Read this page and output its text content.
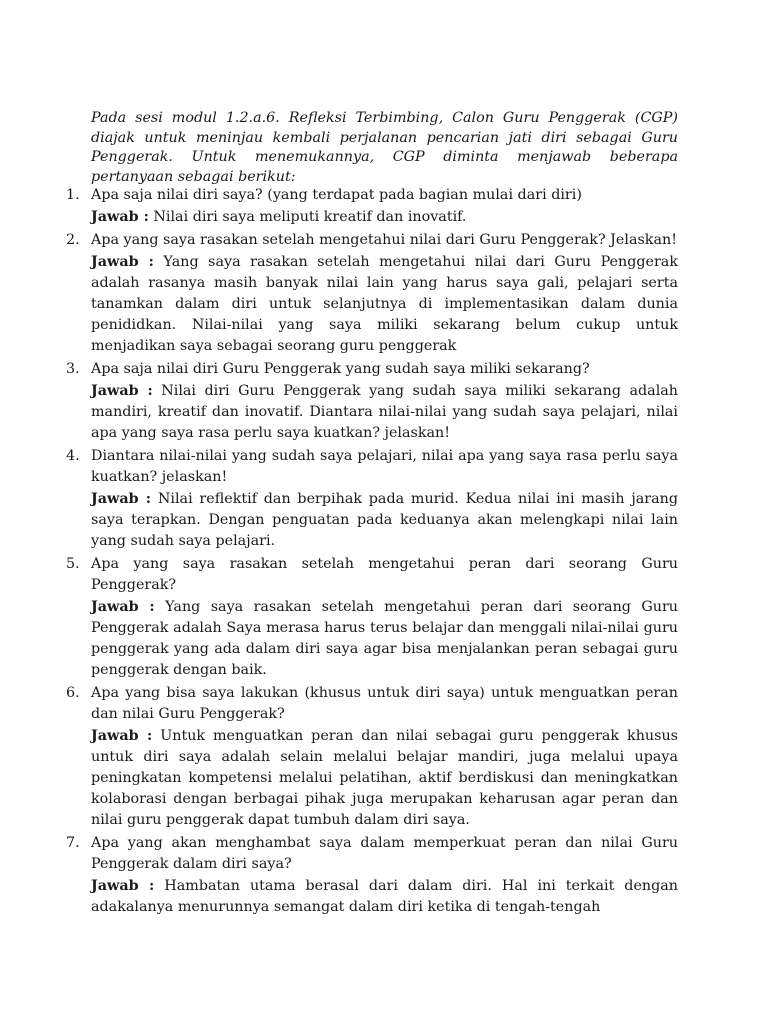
Pada sesi modul 1.2.a.6. Refleksi Terbimbing, Calon Guru Penggerak (CGP) diajak untuk meninjau kembali perjalanan pencarian jati diri sebagai Guru Penggerak. Untuk menemukannya, CGP diminta menjawab beberapa pertanyaan sebagai berikut:

1. Apa saja nilai diri saya? (yang terdapat pada bagian mulai dari diri)
Jawab : Nilai diri saya meliputi kreatif dan inovatif.
2. Apa yang saya rasakan setelah mengetahui nilai dari Guru Penggerak? Jelaskan!
Jawab : Yang saya rasakan setelah mengetahui nilai dari Guru Penggerak adalah rasanya masih banyak nilai lain yang harus saya gali, pelajari serta tanamkan dalam diri untuk selanjutnya di implementasikan dalam dunia penididkan. Nilai-nilai yang saya miliki sekarang belum cukup untuk menjadikan saya sebagai seorang guru penggerak
3. Apa saja nilai diri Guru Penggerak yang sudah saya miliki sekarang?
Jawab : Nilai diri Guru Penggerak yang sudah saya miliki sekarang adalah mandiri, kreatif dan inovatif. Diantara nilai-nilai yang sudah saya pelajari, nilai apa yang saya rasa perlu saya kuatkan? jelaskan!
4. Diantara nilai-nilai yang sudah saya pelajari, nilai apa yang saya rasa perlu saya kuatkan? jelaskan!
Jawab : Nilai reflektif dan berpihak pada murid. Kedua nilai ini masih jarang saya terapkan. Dengan penguatan pada keduanya akan melengkapi nilai lain yang sudah saya pelajari.
5. Apa yang saya rasakan setelah mengetahui peran dari seorang Guru Penggerak?
Jawab : Yang saya rasakan setelah mengetahui peran dari seorang Guru Penggerak adalah Saya merasa harus terus belajar dan menggali nilai-nilai guru penggerak yang ada dalam diri saya agar bisa menjalankan peran sebagai guru penggerak dengan baik.
6. Apa yang bisa saya lakukan (khusus untuk diri saya) untuk menguatkan peran dan nilai Guru Penggerak?
Jawab : Untuk menguatkan peran dan nilai sebagai guru penggerak khusus untuk diri saya adalah selain melalui belajar mandiri, juga melalui upaya peningkatan kompetensi melalui pelatihan, aktif berdiskusi dan meningkatkan kolaborasi dengan berbagai pihak juga merupakan keharusan agar peran dan nilai guru penggerak dapat tumbuh dalam diri saya.
7. Apa yang akan menghambat saya dalam memperkuat peran dan nilai Guru Penggerak dalam diri saya?
Jawab : Hambatan utama berasal dari dalam diri. Hal ini terkait dengan adakalanya menurunnya semangat dalam diri ketika di tengah-tengah
